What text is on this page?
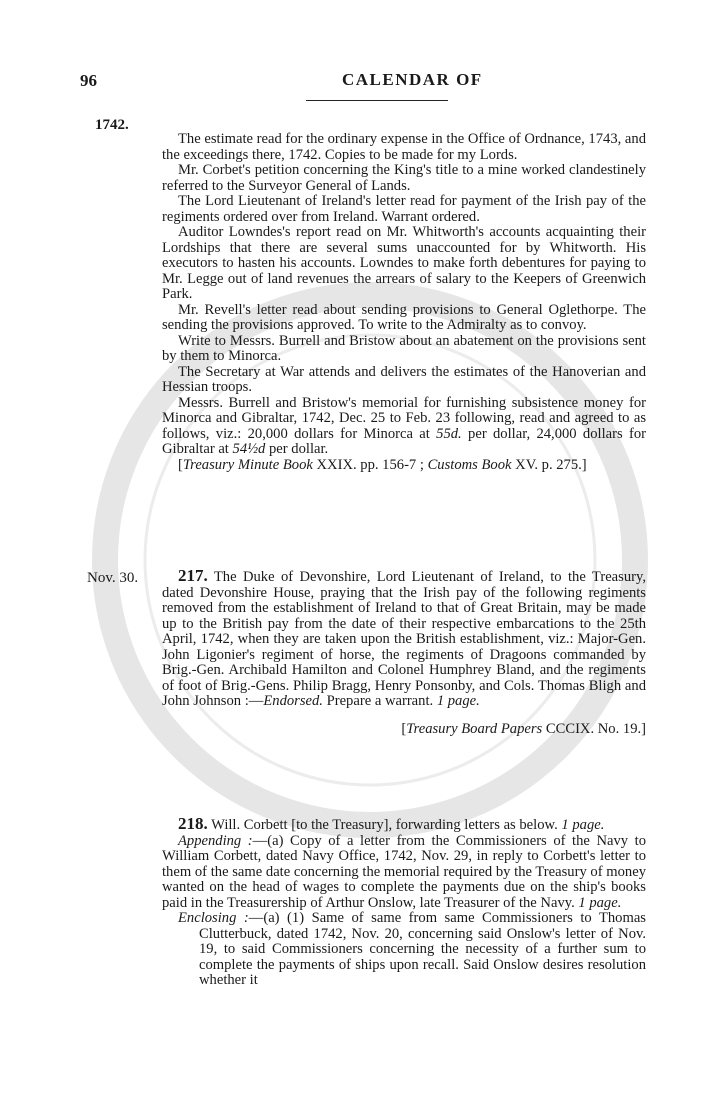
96	CALENDAR OF
1742.
Nov. 30.

The estimate read for the ordinary expense in the Office of Ordnance, 1743, and the exceedings there, 1742. Copies to be made for my Lords.

Mr. Corbet's petition concerning the King's title to a mine worked clandestinely referred to the Surveyor General of Lands.

The Lord Lieutenant of Ireland's letter read for payment of the Irish pay of the regiments ordered over from Ireland. Warrant ordered.

Auditor Lowndes's report read on Mr. Whitworth's accounts acquainting their Lordships that there are several sums unaccounted for by Whitworth. His executors to hasten his accounts. Lowndes to make forth debentures for paying to Mr. Legge out of land revenues the arrears of salary to the Keepers of Greenwich Park.

Mr. Revell's letter read about sending provisions to General Oglethorpe. The sending the provisions approved. To write to the Admiralty as to convoy.

Write to Messrs. Burrell and Bristow about an abatement on the provisions sent by them to Minorca.

The Secretary at War attends and delivers the estimates of the Hanoverian and Hessian troops.

Messrs. Burrell and Bristow's memorial for furnishing subsistence money for Minorca and Gibraltar, 1742, Dec. 25 to Feb. 23 following, read and agreed to as follows, viz.: 20,000 dollars for Minorca at 55d. per dollar, 24,000 dollars for Gibraltar at 54½d per dollar.

[Treasury Minute Book XXIX. pp. 156-7 ; Customs Book XV. p. 275.]

217. The Duke of Devonshire, Lord Lieutenant of Ireland, to the Treasury, dated Devonshire House, praying that the Irish pay of the following regiments removed from the establishment of Ireland to that of Great Britain, may be made up to the British pay from the date of their respective embarcations to the 25th April, 1742, when they are taken upon the British establishment, viz.: Major-Gen. John Ligonier's regiment of horse, the regiments of Dragoons commanded by Brig.-Gen. Archibald Hamilton and Colonel Humphrey Bland, and the regiments of foot of Brig.-Gens. Philip Bragg, Henry Ponsonby, and Cols. Thomas Bligh and John Johnson :—Endorsed. Prepare a warrant. 1 page.

[Treasury Board Papers CCCIX. No. 19.]

218. Will. Corbett [to the Treasury], forwarding letters as below. 1 page.

Appending :—(a) Copy of a letter from the Commissioners of the Navy to William Corbett, dated Navy Office, 1742, Nov. 29, in reply to Corbett's letter to them of the same date concerning the memorial required by the Treasury of money wanted on the head of wages to complete the payments due on the ship's books paid in the Treasurership of Arthur Onslow, late Treasurer of the Navy. 1 page.

Enclosing :—(a) (1) Same of same from same Commissioners to Thomas Clutterbuck, dated 1742, Nov. 20, concerning said Onslow's letter of Nov. 19, to said Commissioners concerning the necessity of a further sum to complete the payments of ships upon recall. Said Onslow desires resolution whether it
